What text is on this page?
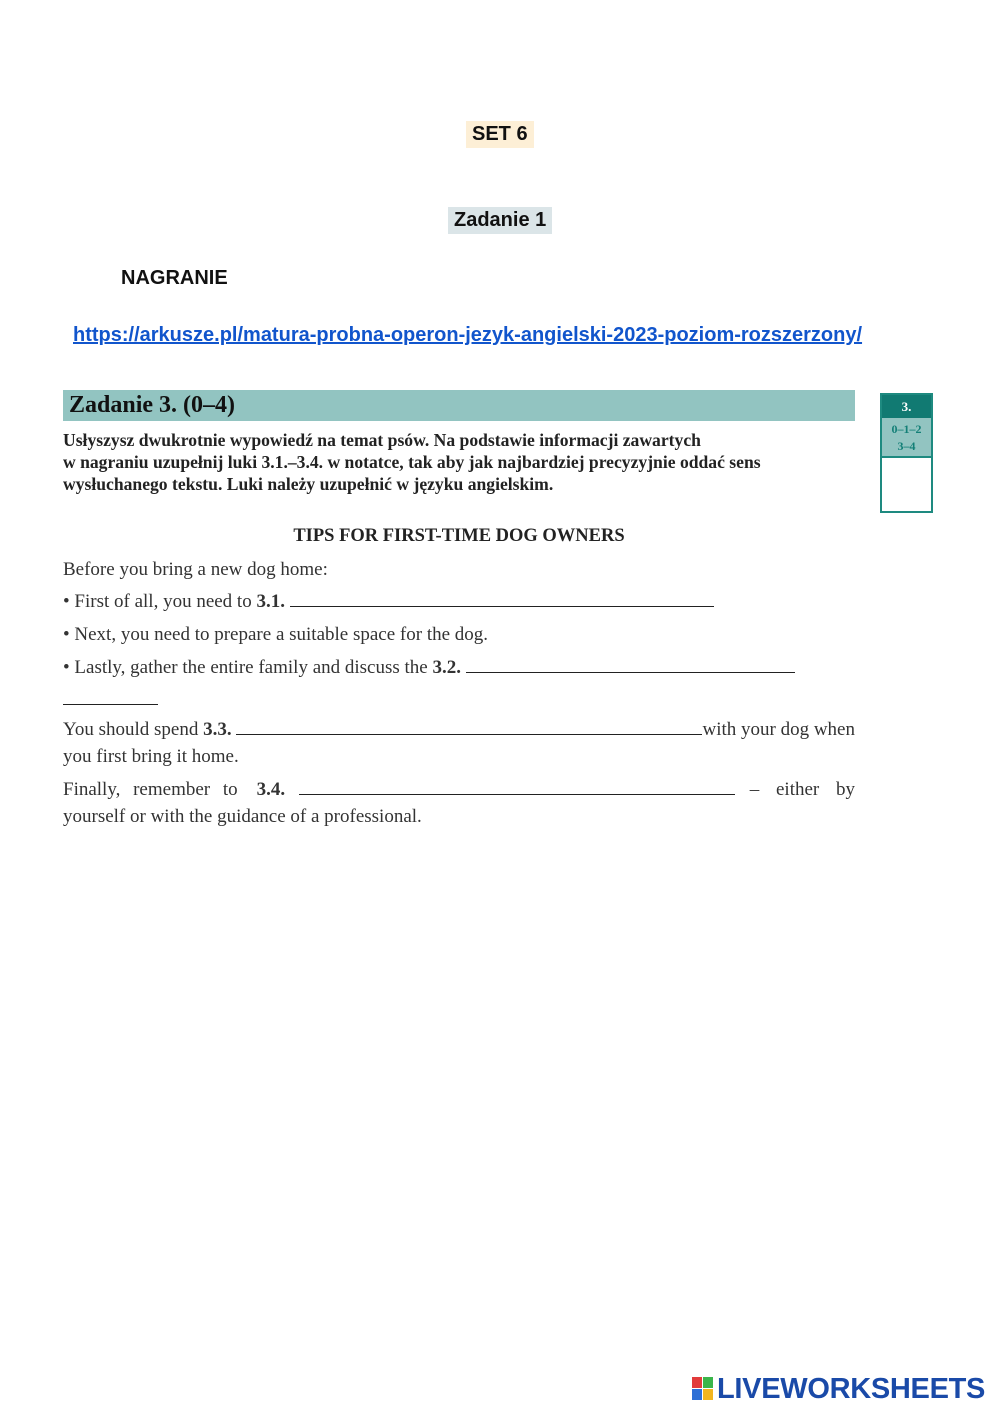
SET 6
Zadanie 1
NAGRANIE
https://arkusze.pl/matura-probna-operon-jezyk-angielski-2023-poziom-rozszerzony/
Zadanie 3. (0–4)
Usłyszysz dwukrotnie wypowiedź na temat psów. Na podstawie informacji zawartych
w nagraniu uzupełnij luki 3.1.–3.4. w notatce, tak aby jak najbardziej precyzyjnie oddać sens
wysłuchanego tekstu. Luki należy uzupełnić w języku angielskim.
3.
0–1–2
3–4
TIPS FOR FIRST-TIME DOG OWNERS
Before you bring a new dog home:
• First of all, you need to 3.1.
• Next, you need to prepare a suitable space for the dog.
• Lastly, gather the entire family and discuss the 3.2.
You should spend
3.3.
	with your dog when
you first bring it home.
Finally, remember to
3.4.

	– either by
yourself or with the guidance of a professional.
LIVEWORKSHEETS
